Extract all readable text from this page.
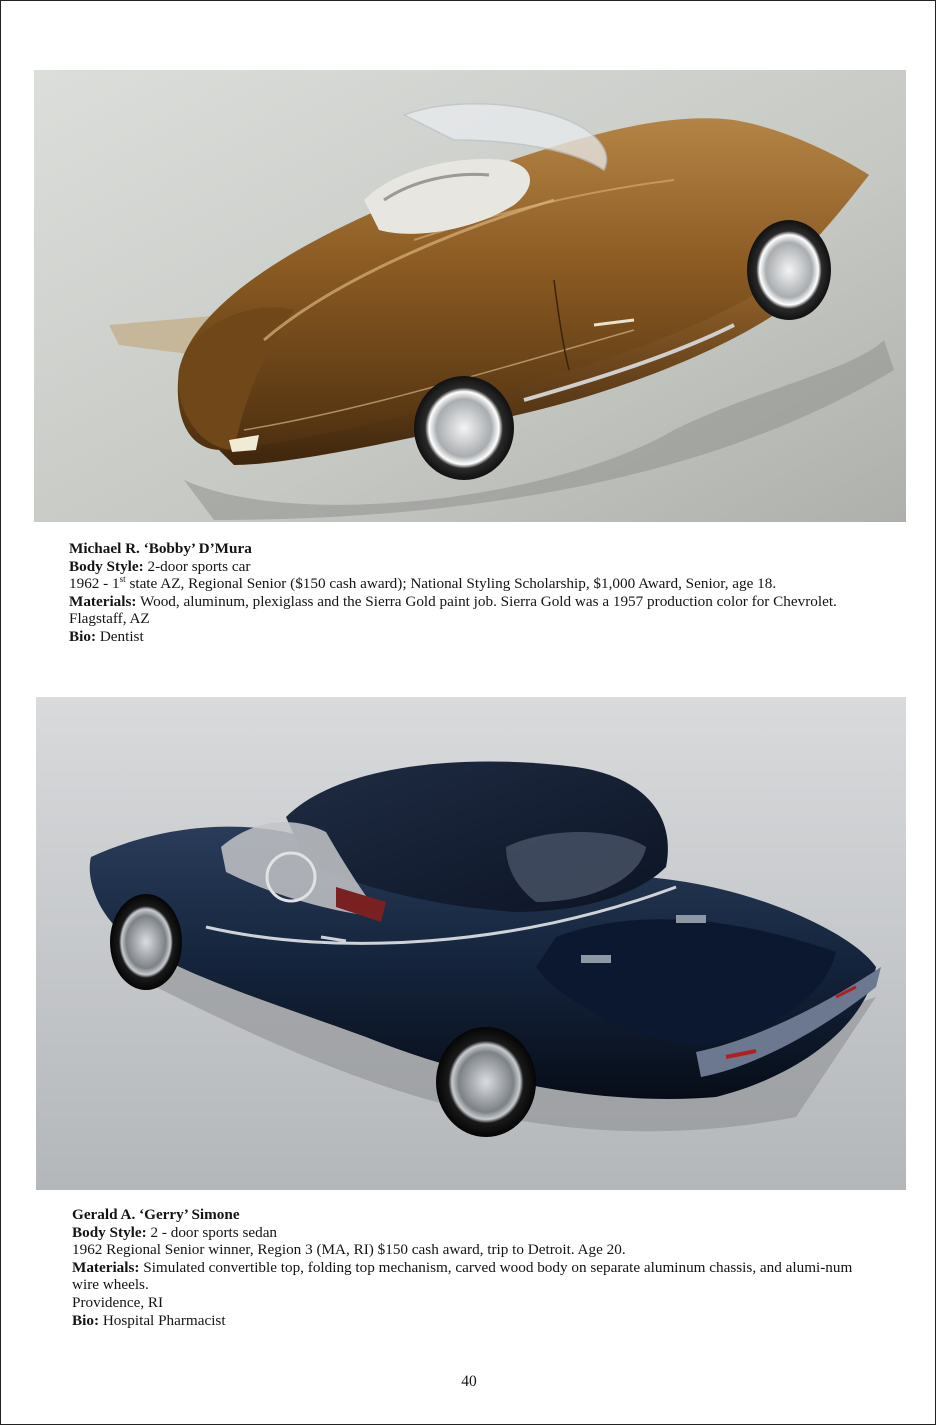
Michael R. ‘Bobby’ D’Mura
Body Style: 2-door sports car
1962 - 1st state AZ, Regional Senior ($150 cash award); National Styling Scholarship, $1,000 Award, Senior, age 18.
Materials: Wood, aluminum, plexiglass and the Sierra Gold paint job. Sierra Gold was a 1957 production color for Chevrolet.
Flagstaff, AZ
Bio: Dentist
Gerald A. ‘Gerry’ Simone
Body Style: 2 - door sports sedan
1962 Regional Senior winner, Region 3 (MA, RI) $150 cash award, trip to Detroit. Age 20.
Materials: Simulated convertible top, folding top mechanism, carved wood body on separate aluminum chassis, and alumi-num wire wheels.
Providence, RI
Bio: Hospital Pharmacist
40
